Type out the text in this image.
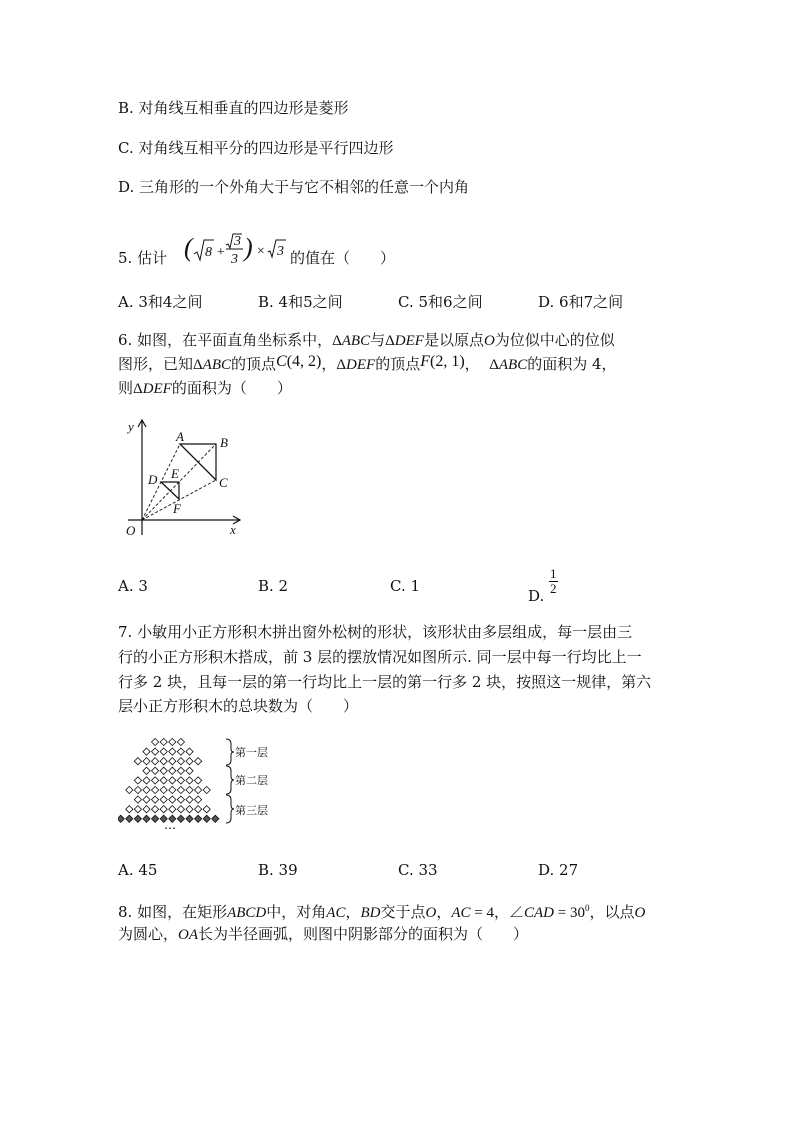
B. 对角线互相垂直的四边形是菱形
C. 对角线互相平分的四边形是平行四边形
D. 三角形的一个外角大于与它不相邻的任意一个内角
5. 估计 ( 8 +
3
3 ) × 3 的值在（　　）
A. 3和4之间	B. 4和5之间	C. 5和6之间	D. 6和7之间
6. 如图，在平面直角坐标系中，ΔABC与ΔDEF是以原点O为位似中心的位似
图形，已知ΔABC的顶点C(4, 2)，ΔDEF的顶点F(2, 1)， ΔABC的面积为 4，
则ΔDEF的面积为（　　）
y
A	B
C
D E
F
O	x
A. 3	B. 2	C. 1
D. $\frac{1}{2}$
7. 小敏用小正方形积木拼出窗外松树的形状，该形状由多层组成，每一层由三
行的小正方形积木搭成，前 3 层的摆放情况如图所示. 同一层中每一行均比上一
行多 2 块，且每一层的第一行均比上一层的第一行多 2 块，按照这一规律，第六
层小正方形积木的总块数为（　　）
第一层
第二层
第三层
⋯
A. 45	B. 39	C. 33	D. 27
8. 如图，在矩形ABCD中，对角AC，BD交于点O，AC = 4，∠CAD = $30^0$，以点O
为圆心，OA长为半径画弧，则图中阴影部分的面积为（　　）
